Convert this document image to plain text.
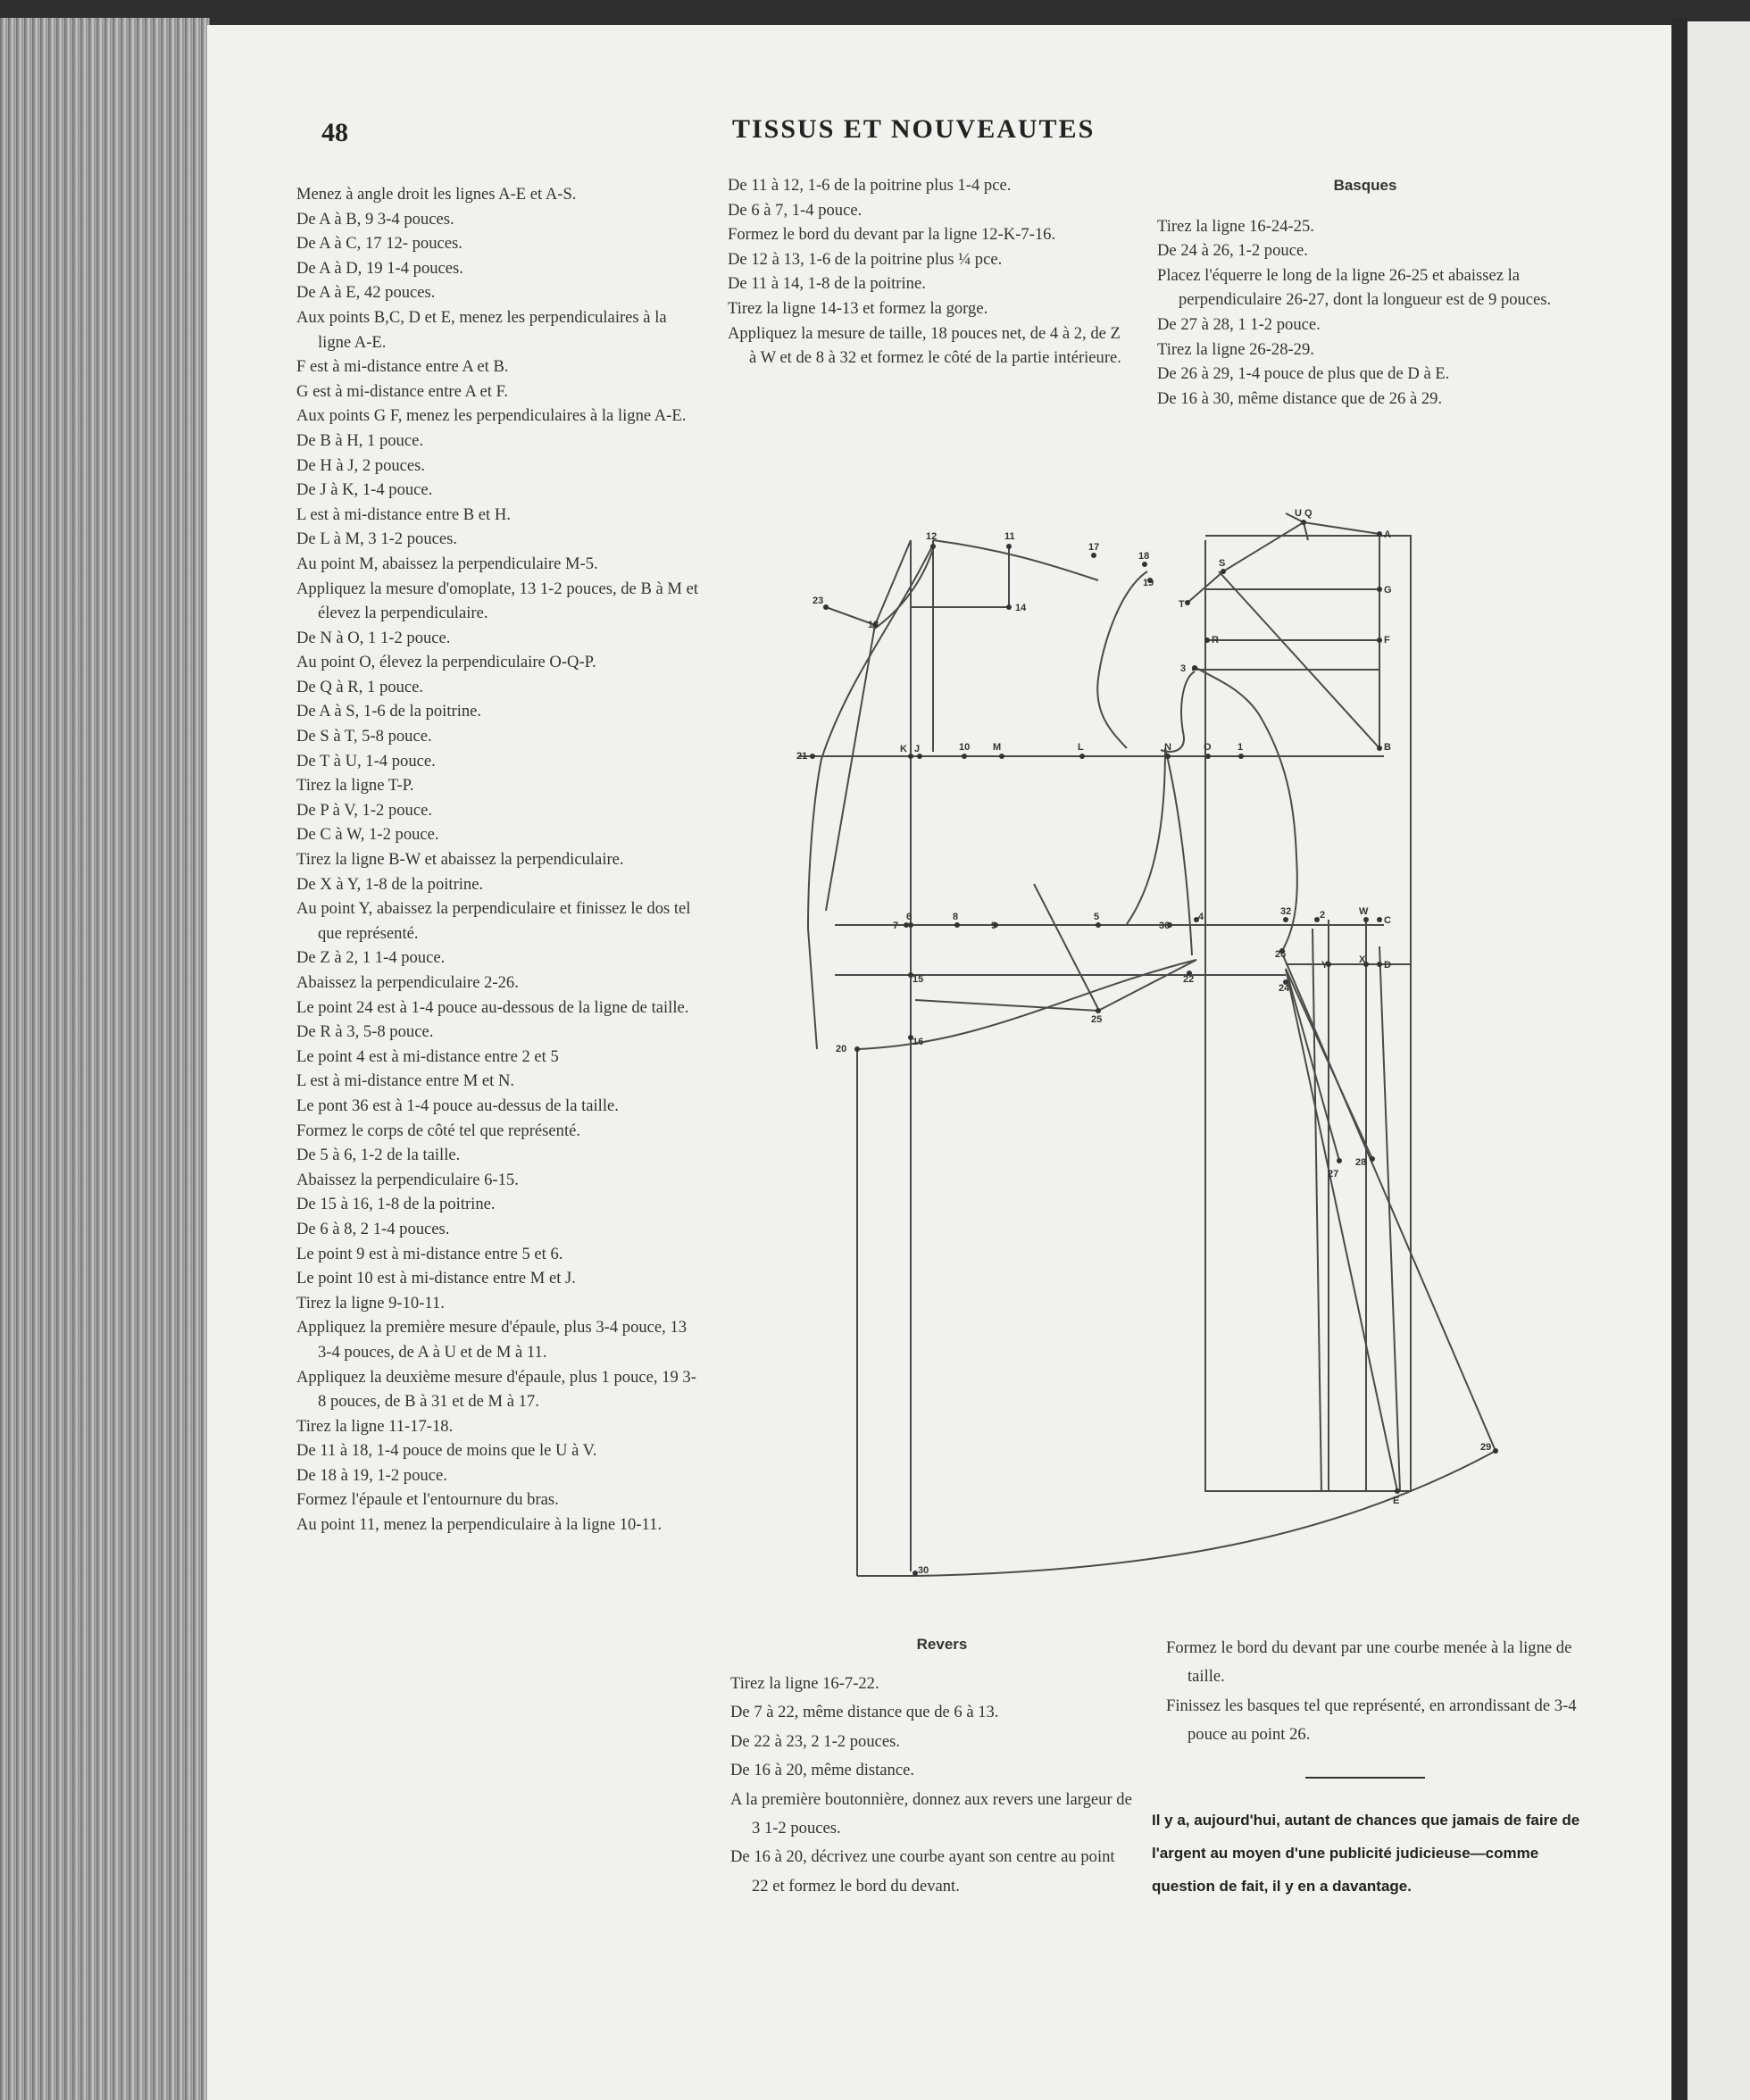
48	TISSUS ET NOUVEAUTES

Menez à angle droit les lignes A-E et A-S.

De A à B, 9 3-4 pouces.

De A à C, 17 12- pouces.

De A à D, 19 1-4 pouces.

De A à E, 42 pouces.

Aux points B,C, D et E, menez les perpendiculaires à la ligne A-E.

F est à mi-distance entre A et B.

G est à mi-distance entre A et F.

Aux points G F, menez les perpendiculaires à la ligne A-E.

De B à H, 1 pouce.

De H à J, 2 pouces.

De J à K, 1-4 pouce.

L est à mi-distance entre B et H.

De L à M, 3 1-2 pouces.

Au point M, abaissez la perpendiculaire M-5.

Appliquez la mesure d'omoplate, 13 1-2 pouces, de B à M et élevez la perpendiculaire.

De N à O, 1 1-2 pouce.

Au point O, élevez la perpendiculaire O-Q-P.

De Q à R, 1 pouce.

De A à S, 1-6 de la poitrine.

De S à T, 5-8 pouce.

De T à U, 1-4 pouce.

Tirez la ligne T-P.

De P à V, 1-2 pouce.

De C à W, 1-2 pouce.

Tirez la ligne B-W et abaissez la perpendiculaire.

De X à Y, 1-8 de la poitrine.

Au point Y, abaissez la perpendiculaire et finissez le dos tel que représenté.

De Z à 2, 1 1-4 pouce.

Abaissez la perpendiculaire 2-26.

Le point 24 est à 1-4 pouce au-dessous de la ligne de taille.

De R à 3, 5-8 pouce.

Le point 4 est à mi-distance entre 2 et 5

L est à mi-distance entre M et N.

Le pont 36 est à 1-4 pouce au-dessus de la taille.

Formez le corps de côté tel que représenté.

De 5 à 6, 1-2 de la taille.

Abaissez la perpendiculaire 6-15.

De 15 à 16, 1-8 de la poitrine.

De 6 à 8, 2 1-4 pouces.

Le point 9 est à mi-distance entre 5 et 6.

Le point 10 est à mi-distance entre M et J.

Tirez la ligne 9-10-11.

Appliquez la première mesure d'épaule, plus 3-4 pouce, 13 3-4 pouces, de A à U et de M à 11.

Appliquez la deuxième mesure d'épaule, plus 1 pouce, 19 3-8 pouces, de B à 31 et de M à 17.

Tirez la ligne 11-17-18.

De 11 à 18, 1-4 pouce de moins que le U à V.

De 18 à 19, 1-2 pouce.

Formez l'épaule et l'entournure du bras.

Au point 11, menez la perpendiculaire à la ligne 10-11.

De 11 à 12, 1-6 de la poitrine plus 1-4 pce.

De 6 à 7, 1-4 pouce.

Formez le bord du devant par la ligne 12-K-7-16.

De 12 à 13, 1-6 de la poitrine plus ¼ pce.

De 11 à 14, 1-8 de la poitrine.

Tirez la ligne 14-13 et formez la gorge.

Appliquez la mesure de taille, 18 pouces net, de 4 à 2, de Z à W et de 8 à 32 et formez le côté de la partie intérieure.

Basques

Tirez la ligne 16-24-25.

De 24 à 26, 1-2 pouce.

Placez l'équerre le long de la ligne 26-25 et abaissez la perpendiculaire 26-27, dont la longueur est de 9 pouces.

De 27 à 28, 1 1-2 pouce.

Tirez la ligne 26-28-29.

De 26 à 29, 1-4 pouce de plus que de D à E.

De 16 à 30, même distance que de 26 à 29.

23
13
12	11
17
18
19
14
21
K J	10 M	L	N	O	1	B
U Q
A
S
G
F
T
R
3
7
6	8
9
5
36
4	32	2	W
C
16
26
24
Y	X D
15	22
25
20
27
28
29
E
30
Revers

Tirez la ligne 16-7-22.

De 7 à 22, même distance que de 6 à 13.

De 22 à 23, 2 1-2 pouces.

De 16 à 20, même distance.

A la première boutonnière, donnez aux revers une largeur de 3 1-2 pouces.

De 16 à 20, décrivez une courbe ayant son centre au point 22 et formez le bord du devant.

Formez le bord du devant par une courbe menée à la ligne de taille.

Finissez les basques tel que représenté, en arrondissant de 3-4 pouce au point 26.

Il y a, aujourd'hui, autant de chances que jamais de faire de l'argent au moyen d'une publicité judicieuse—comme question de fait, il y en a davantage.
